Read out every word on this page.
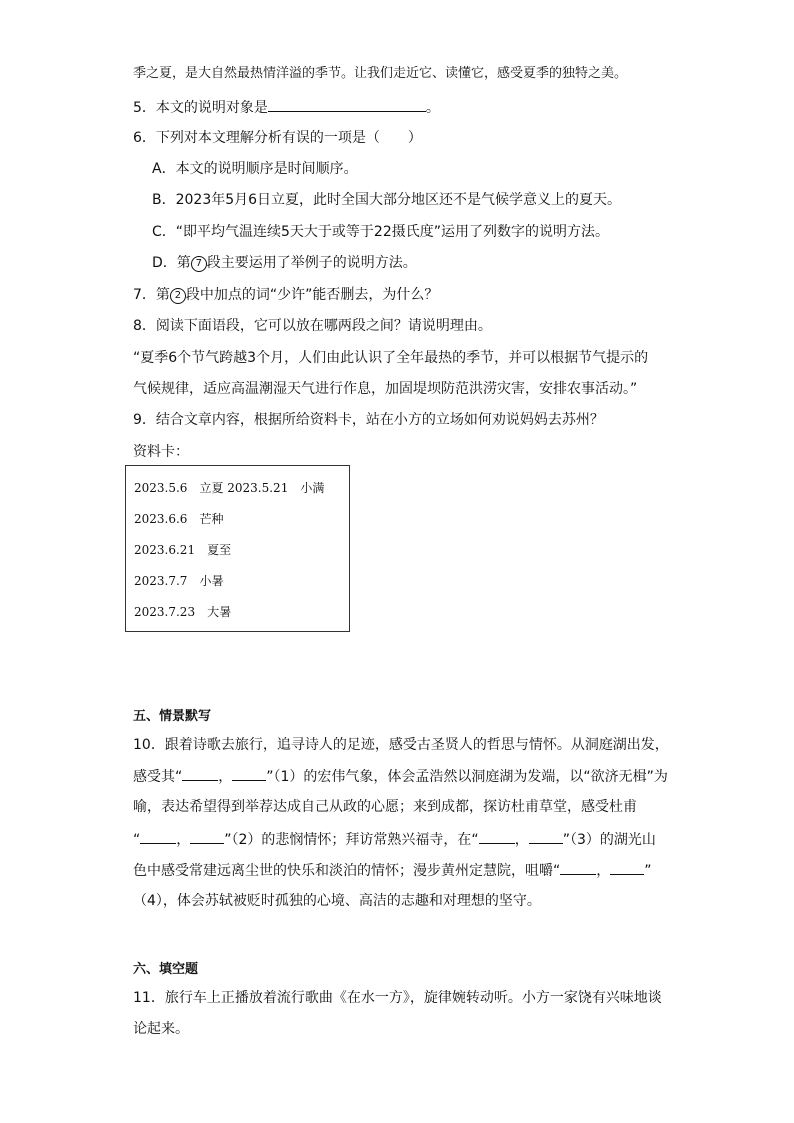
季之夏，是大自然最热情洋溢的季节。让我们走近它、读懂它，感受夏季的独特之美。
5．本文的说明对象是	。
6．下列对本文理解分析有误的一项是（　　）
A．本文的说明顺序是时间顺序。
B．2023年5月6日立夏，此时全国大部分地区还不是气候学意义上的夏天。
C．“即平均气温连续5天大于或等于22摄氏度”运用了列数字的说明方法。
D．第 7 段主要运用了举例子的说明方法。
7．第 2 段中加点的词“少许”能否删去，为什么？
8．阅读下面语段，它可以放在哪两段之间？请说明理由。
“夏季6个节气跨越3个月，人们由此认识了全年最热的季节，并可以根据节气提示的
气候规律，适应高温潮湿天气进行作息，加固堤坝防范洪涝灾害，安排农事活动。”
9．结合文章内容，根据所给资料卡，站在小方的立场如何劝说妈妈去苏州？
资料卡：
2023.5.6　立夏 2023.5.21　小满
2023.6.6　芒种
2023.6.21　夏至
2023.7.7　小暑
2023.7.23　大暑
五、情景默写
10．跟着诗歌去旅行，追寻诗人的足迹，感受古圣贤人的哲思与情怀。从洞庭湖出发，
感受其“	， ”（1）的宏伟气象，体会孟浩然以洞庭湖为发端，以“欲济无楫”为
喻，表达希望得到举荐达成自己从政的心愿；来到成都，探访杜甫草堂，感受杜甫
“	， ”（2）的悲悯情怀；拜访常熟兴福寺，在“	， ”（3）的湖光山
色中感受常建远离尘世的快乐和淡泊的情怀；漫步黄州定慧院，咀嚼“	， ”
（4），体会苏轼被贬时孤独的心境、高洁的志趣和对理想的坚守。
六、填空题
11．旅行车上正播放着流行歌曲《在水一方》，旋律婉转动听。小方一家饶有兴味地谈
论起来。
